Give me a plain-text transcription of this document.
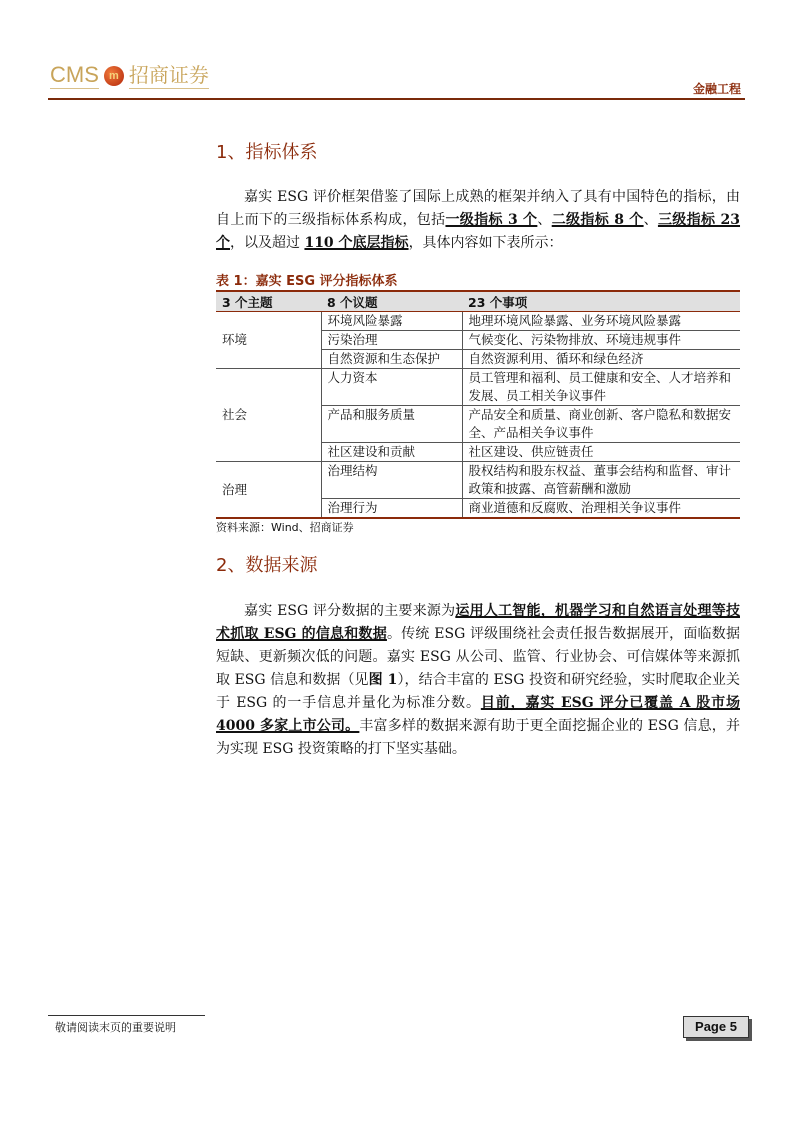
CMS m 招商证券
金融工程
1、指标体系
嘉实 ESG 评价框架借鉴了国际上成熟的框架并纳入了具有中国特色的指标，由自上而下的三级指标体系构成，包括一级指标 3 个、二级指标 8 个、三级指标 23 个，以及超过 110 个底层指标，具体内容如下表所示：
表 1：嘉实 ESG 评分指标体系
3 个主题	8 个议题	23 个事项
环境	环境风险暴露	地理环境风险暴露、业务环境风险暴露
	污染治理	气候变化、污染物排放、环境违规事件
	自然资源和生态保护	自然资源利用、循环和绿色经济
社会	人力资本	员工管理和福利、员工健康和安全、人才培养和发展、员工相关争议事件
	产品和服务质量	产品安全和质量、商业创新、客户隐私和数据安全、产品相关争议事件
	社区建设和贡献	社区建设、供应链责任
治理	治理结构	股权结构和股东权益、董事会结构和监督、审计政策和披露、高管薪酬和激励
	治理行为	商业道德和反腐败、治理相关争议事件
资料来源：Wind、招商证券
2、数据来源
嘉实 ESG 评分数据的主要来源为运用人工智能，机器学习和自然语言处理等技术抓取 ESG 的信息和数据。传统 ESG 评级围绕社会责任报告数据展开，面临数据短缺、更新频次低的问题。嘉实 ESG 从公司、监管、行业协会、可信媒体等来源抓取 ESG 信息和数据（见图 1），结合丰富的 ESG 投资和研究经验，实时爬取企业关于 ESG 的一手信息并量化为标准分数。目前，嘉实 ESG 评分已覆盖 A 股市场 4000 多家上市公司。丰富多样的数据来源有助于更全面挖掘企业的 ESG 信息，并为实现 ESG 投资策略的打下坚实基础。
敬请阅读末页的重要说明	Page 5
